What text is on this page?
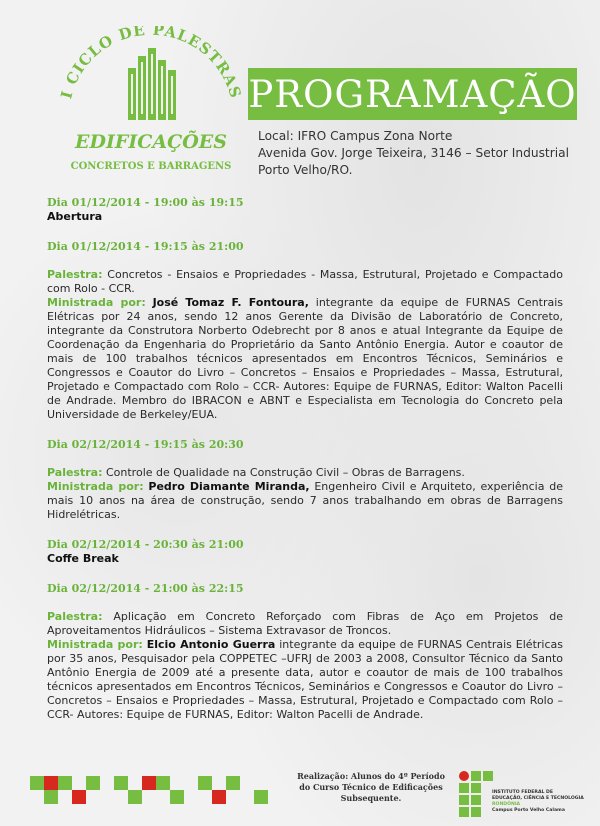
I CICLO DE PALESTRAS
EDIFICAÇÕES
CONCRETOS E BARRAGENS
PROGRAMAÇÃO
Local: IFRO Campus Zona Norte
Avenida Gov. Jorge Teixeira, 3146 – Setor Industrial
Porto Velho/RO.
Dia 01/12/2014 - 19:00 às 19:15
Abertura
Dia 01/12/2014 - 19:15 às 21:00
Palestra: Concretos - Ensaios e Propriedades - Massa, Estrutural, Projetado e Compactado com Rolo - CCR.
Ministrada por: José Tomaz F. Fontoura, integrante da equipe de FURNAS Centrais Elétricas por 24 anos, sendo 12 anos Gerente da Divisão de Laboratório de Concreto, integrante da Construtora Norberto Odebrecht por 8 anos e atual Integrante da Equipe de Coordenação da Engenharia do Proprietário da Santo Antônio Energia. Autor e coautor de mais de 100 trabalhos técnicos apresentados em Encontros Técnicos, Seminários e Congressos e Coautor do Livro – Concretos – Ensaios e Propriedades – Massa, Estrutural, Projetado e Compactado com Rolo – CCR- Autores: Equipe de FURNAS, Editor: Walton Pacelli de Andrade. Membro do IBRACON e ABNT e Especialista em Tecnologia do Concreto pela Universidade de Berkeley/EUA.
Dia 02/12/2014 - 19:15 às 20:30
Palestra: Controle de Qualidade na Construção Civil – Obras de Barragens.
Ministrada por: Pedro Diamante Miranda, Engenheiro Civil e Arquiteto, experiência de mais 10 anos na área de construção, sendo 7 anos trabalhando em obras de Barragens Hidrelétricas.
Dia 02/12/2014 - 20:30 às 21:00
Coffe Break
Dia 02/12/2014 - 21:00 às 22:15
Palestra: Aplicação em Concreto Reforçado com Fibras de Aço em Projetos de Aproveitamentos Hidráulicos – Sistema Extravasor de Troncos.
Ministrada por: Elcio Antonio Guerra integrante da equipe de FURNAS Centrais Elétricas por 35 anos, Pesquisador pela COPPETEC –UFRJ de 2003 a 2008, Consultor Técnico da Santo Antônio Energia de 2009 até a presente data, autor e coautor de mais de 100 trabalhos técnicos apresentados em Encontros Técnicos, Seminários e Congressos e Coautor do Livro – Concretos – Ensaios e Propriedades – Massa, Estrutural, Projetado e Compactado com Rolo – CCR- Autores: Equipe de FURNAS, Editor: Walton Pacelli de Andrade.
Realização: Alunos do 4º Período
do Curso Técnico de Edificações
Subsequente.
INSTITUTO FEDERAL DE
EDUCAÇÃO, CIÊNCIA E TECNOLOGIA
RONDÔNIA
Campus Porto Velho Calama
